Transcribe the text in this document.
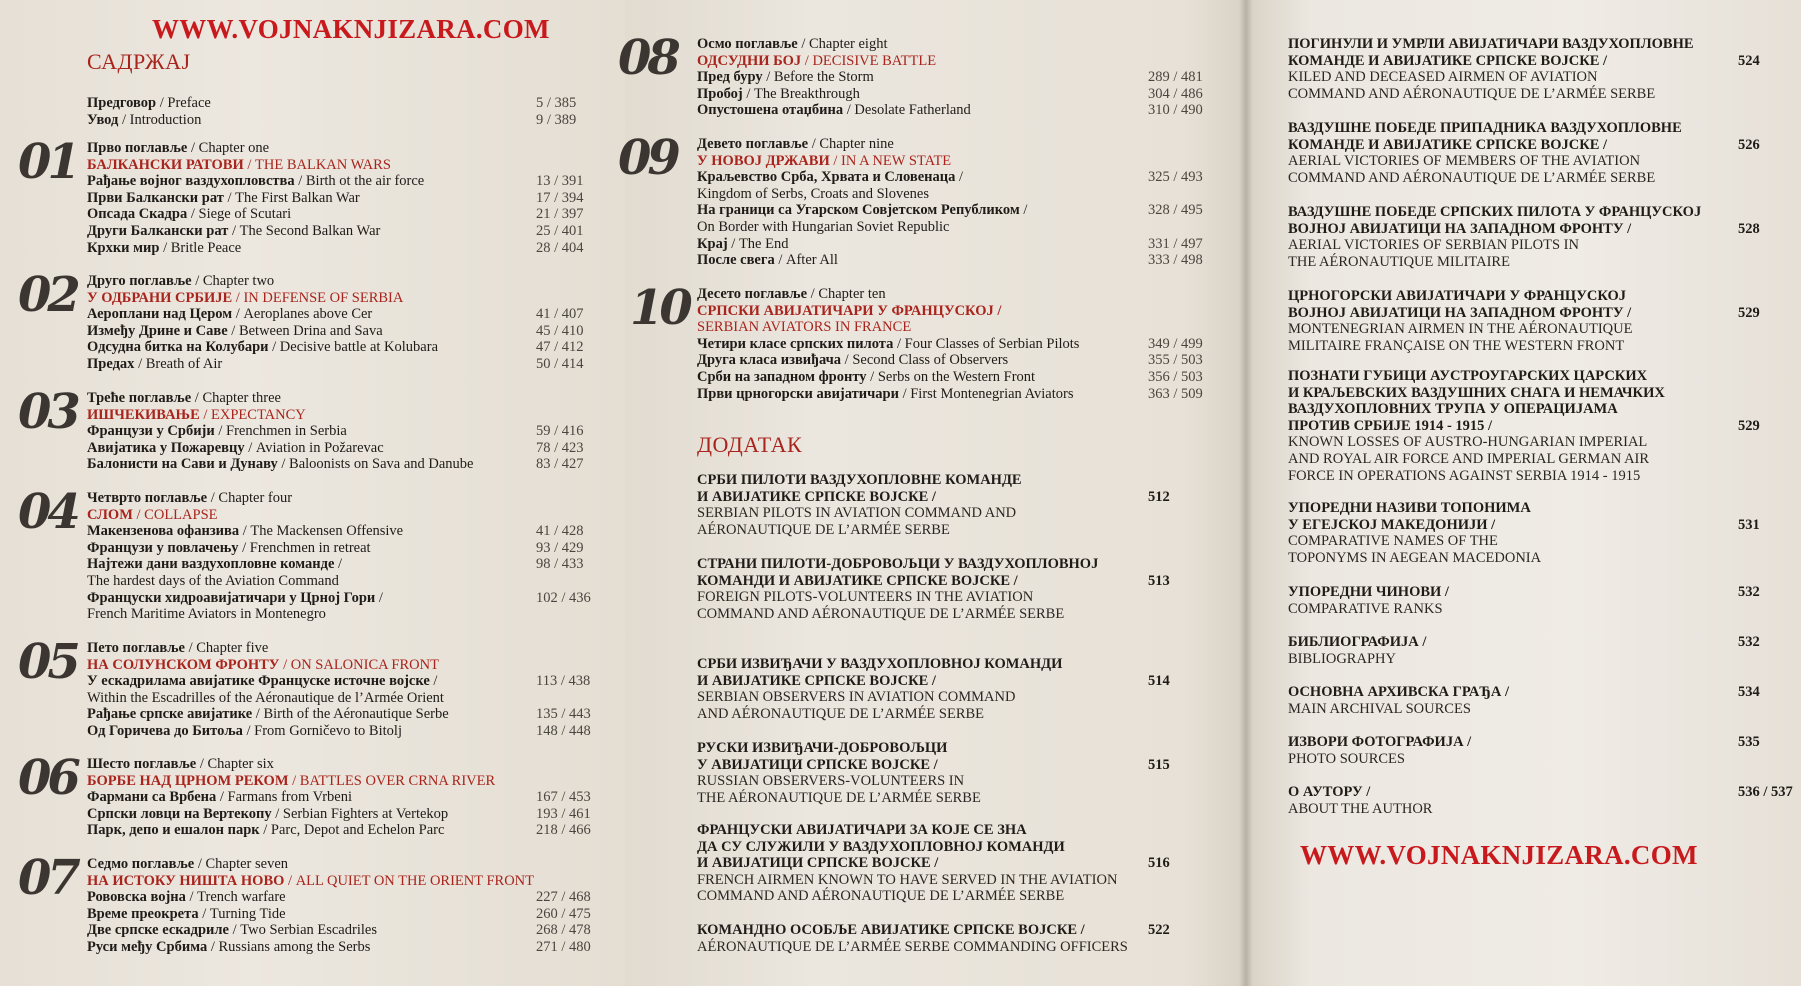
WWW.VOJNAKNJIZARA.COM
WWW.VOJNAKNJIZARA.COM
САДРЖАЈ
ДОДАТАК
Предговор / Preface	5 / 385
Увод / Introduction	9 / 389
01 Прво поглавље / Chapter one
БАЛКАНСКИ РАТОВИ / THE BALKAN WARS
Рађање војног ваздухопловства / Birth ot the air force	13 / 391
Први Балкански рат / The First Balkan War	17 / 394
Опсада Скадра / Siege of Scutari	21 / 397
Други Балкански рат / The Second Balkan War	25 / 401
Крхки мир / Britle Peace	28 / 404
02 Друго поглавље / Chapter two
У ОДБРАНИ СРБИЈЕ / IN DEFENSE OF SERBIA
Аероплани над Цером / Aeroplanes above Cer	41 / 407
Између Дрине и Саве / Between Drina and Sava	45 / 410
Одсудна битка на Колубари / Decisive battle at Kolubara	47 / 412
Предах / Breath of Air	50 / 414
03 Треће поглавље / Chapter three
ИШЧЕКИВАЊЕ / EXPECTANCY
Французи у Србији / Frenchmen in Serbia	59 / 416
Авијатика у Пожаревцу / Aviation in Požarevac	78 / 423
Балонисти на Сави и Дунаву / Baloonists on Sava and Danube	83 / 427
04 Четврто поглавље / Chapter four
СЛОМ / COLLAPSE
Макензенова офанзива / The Mackensen Offensive	41 / 428
Французи у повлачењу / Frenchmen in retreat	93 / 429
Најтежи дани ваздухопловне команде /	98 / 433
The hardest days of the Aviation Command
Француски хидроавијатичари у Црној Гори /	102 / 436
French Maritime Aviators in Montenegro
05 Пето поглавље / Chapter five
НА СОЛУНСКОМ ФРОНТУ / ON SALONICA FRONT
У ескадрилама авијатике Француске источне војске /	113 / 438
Within the Escadrilles of the Aéronautique de l’Armée Orient
Рађање српске авијатике / Birth of the Aéronautique Serbe	135 / 443
Од Горичева до Битоља / From Gorničevo to Bitolj	148 / 448
06 Шесто поглавље / Chapter six
БОРБЕ НАД ЦРНОМ РЕКОМ / BATTLES OVER CRNA RIVER
Фармани са Врбена / Farmans from Vrbeni	167 / 453
Српски ловци на Вертекопу / Serbian Fighters at Vertekop	193 / 461
Парк, депо и ешалон парк / Parc, Depot and Echelon Parc	218 / 466
07 Седмо поглавље / Chapter seven
НА ИСТОКУ НИШТА НОВО / ALL QUIET ON THE ORIENT FRONT
Рововска војна / Trench warfare	227 / 468
Време преокрета / Turning Tide	260 / 475
Две српске ескадриле / Two Serbian Escadriles	268 / 478
Руси међу Србима / Russians among the Serbs	271 / 480
08 Осмо поглавље / Chapter eight
ОДСУДНИ БОЈ / DECISIVE BATTLE
Пред буру / Before the Storm	289 / 481
Пробој / The Breakthrough	304 / 486
Опустошена отаџбина / Desolate Fatherland	310 / 490
09 Девето поглавље / Chapter nine
У НОВОЈ ДРЖАВИ / IN A NEW STATE
Краљевство Срба, Хрвата и Словенаца /	325 / 493
Kingdom of Serbs, Croats and Slovenes
На граници са Угарском Совјетском Републиком /	328 / 495
On Border with Hungarian Soviet Republic
Крај / The End	331 / 497
После свега / After All	333 / 498
10 Десето поглавље / Chapter ten
СРПСКИ АВИЈАТИЧАРИ У ФРАНЦУСКОЈ /
SERBIAN AVIATORS IN FRANCE
Четири класе српских пилота / Four Classes of Serbian Pilots	349 / 499
Друга класа извиђача / Second Class of Observers	355 / 503
Срби на западном фронту / Serbs on the Western Front	356 / 503
Први црногорски авијатичари / First Montenegrian Aviators	363 / 509
СРБИ ПИЛОТИ ВАЗДУХОПЛОВНЕ КОМАНДЕ
И АВИЈАТИКЕ СРПСКЕ ВОЈСКЕ /	512
SERBIAN PILOTS IN AVIATION COMMAND AND
AÉRONAUTIQUE DE L’ARMÉE SERBE
СТРАНИ ПИЛОТИ-ДОБРОВОЉЦИ У ВАЗДУХОПЛОВНОЈ
КОМАНДИ И АВИЈАТИКЕ СРПСКЕ ВОЈСКЕ /	513
FOREIGN PILOTS-VOLUNTEERS IN THE AVIATION
COMMAND AND AÉRONAUTIQUE DE L’ARMÉE SERBE
СРБИ ИЗВИЂАЧИ У ВАЗДУХОПЛОВНОЈ КОМАНДИ
И АВИЈАТИКЕ СРПСКЕ ВОЈСКЕ /	514
SERBIAN OBSERVERS IN AVIATION COMMAND
AND AÉRONAUTIQUE DE L’ARMÉE SERBE
РУСКИ ИЗВИЂАЧИ-ДОБРОВОЉЦИ
У АВИЈАТИЦИ СРПСКЕ ВОЈСКЕ /	515
RUSSIAN OBSERVERS-VOLUNTEERS IN
THE AÉRONAUTIQUE DE L’ARMÉE SERBE
ФРАНЦУСКИ АВИЈАТИЧАРИ ЗА КОЈЕ СЕ ЗНА
ДА СУ СЛУЖИЛИ У ВАЗДУХОПЛОВНОЈ КОМАНДИ
И АВИЈАТИЦИ СРПСКЕ ВОЈСКЕ /	516
FRENCH AIRMEN KNOWN TO HAVE SERVED IN THE AVIATION
COMMAND AND AÉRONAUTIQUE DE L’ARMÉE SERBE
КОМАНДНО ОСОБЉЕ АВИЈАТИКЕ СРПСКЕ ВОЈСКЕ /	522
AÉRONAUTIQUE DE L’ARMÉE SERBE COMMANDING OFFICERS
ПОГИНУЛИ И УМРЛИ АВИЈАТИЧАРИ ВАЗДУХОПЛОВНЕ
КОМАНДЕ И АВИЈАТИКЕ СРПСКЕ ВОЈСКЕ /	524
KILED AND DECEASED AIRMEN OF AVIATION
COMMAND AND AÉRONAUTIQUE DE L’ARMÉE SERBE
ВАЗДУШНЕ ПОБЕДЕ ПРИПАДНИКА ВАЗДУХОПЛОВНЕ
КОМАНДЕ И АВИЈАТИКЕ СРПСКЕ ВОЈСКЕ /	526
AERIAL VICTORIES OF MEMBERS OF THE AVIATION
COMMAND AND AÉRONAUTIQUE DE L’ARMÉE SERBE
ВАЗДУШНЕ ПОБЕДЕ СРПСКИХ ПИЛОТА У ФРАНЦУСКОЈ
ВОЈНОЈ АВИЈАТИЦИ НА ЗАПАДНОМ ФРОНТУ /	528
AERIAL VICTORIES OF SERBIAN PILOTS IN
THE AÉRONAUTIQUE MILITAIRE
ЦРНОГОРСКИ АВИЈАТИЧАРИ У ФРАНЦУСКОЈ
ВОЈНОЈ АВИЈАТИЦИ НА ЗАПАДНОМ ФРОНТУ /	529
MONTENEGRIAN AIRMEN IN THE AÉRONAUTIQUE
MILITAIRE FRANÇAISE ON THE WESTERN FRONT
ПОЗНАТИ ГУБИЦИ АУСТРОУГАРСКИХ ЦАРСКИХ
И КРАЉЕВСКИХ ВАЗДУШНИХ СНАГА И НЕМАЧКИХ
ВАЗДУХОПЛОВНИХ ТРУПА У ОПЕРАЦИЈАМА
ПРОТИВ СРБИЈЕ 1914 - 1915 /	529
KNOWN LOSSES OF AUSTRO-HUNGARIAN IMPERIAL
AND ROYAL AIR FORCE AND IMPERIAL GERMAN AIR
FORCE IN OPERATIONS AGAINST SERBIA 1914 - 1915
УПОРЕДНИ НАЗИВИ ТОПОНИМА
У ЕГЕЈСКОЈ МАКЕДОНИЈИ /	531
COMPARATIVE NAMES OF THE
TOPONYMS IN AEGEAN MACEDONIA
УПОРЕДНИ ЧИНОВИ /	532
COMPARATIVE RANKS
БИБЛИОГРАФИЈА /	532
BIBLIOGRAPHY
ОСНОВНА АРХИВСКА ГРАЂА /	534
MAIN ARCHIVAL SOURCES
ИЗВОРИ ФОТОГРАФИЈА /	535
PHOTO SOURCES
О АУТОРУ /	536 / 537
ABOUT THE AUTHOR
